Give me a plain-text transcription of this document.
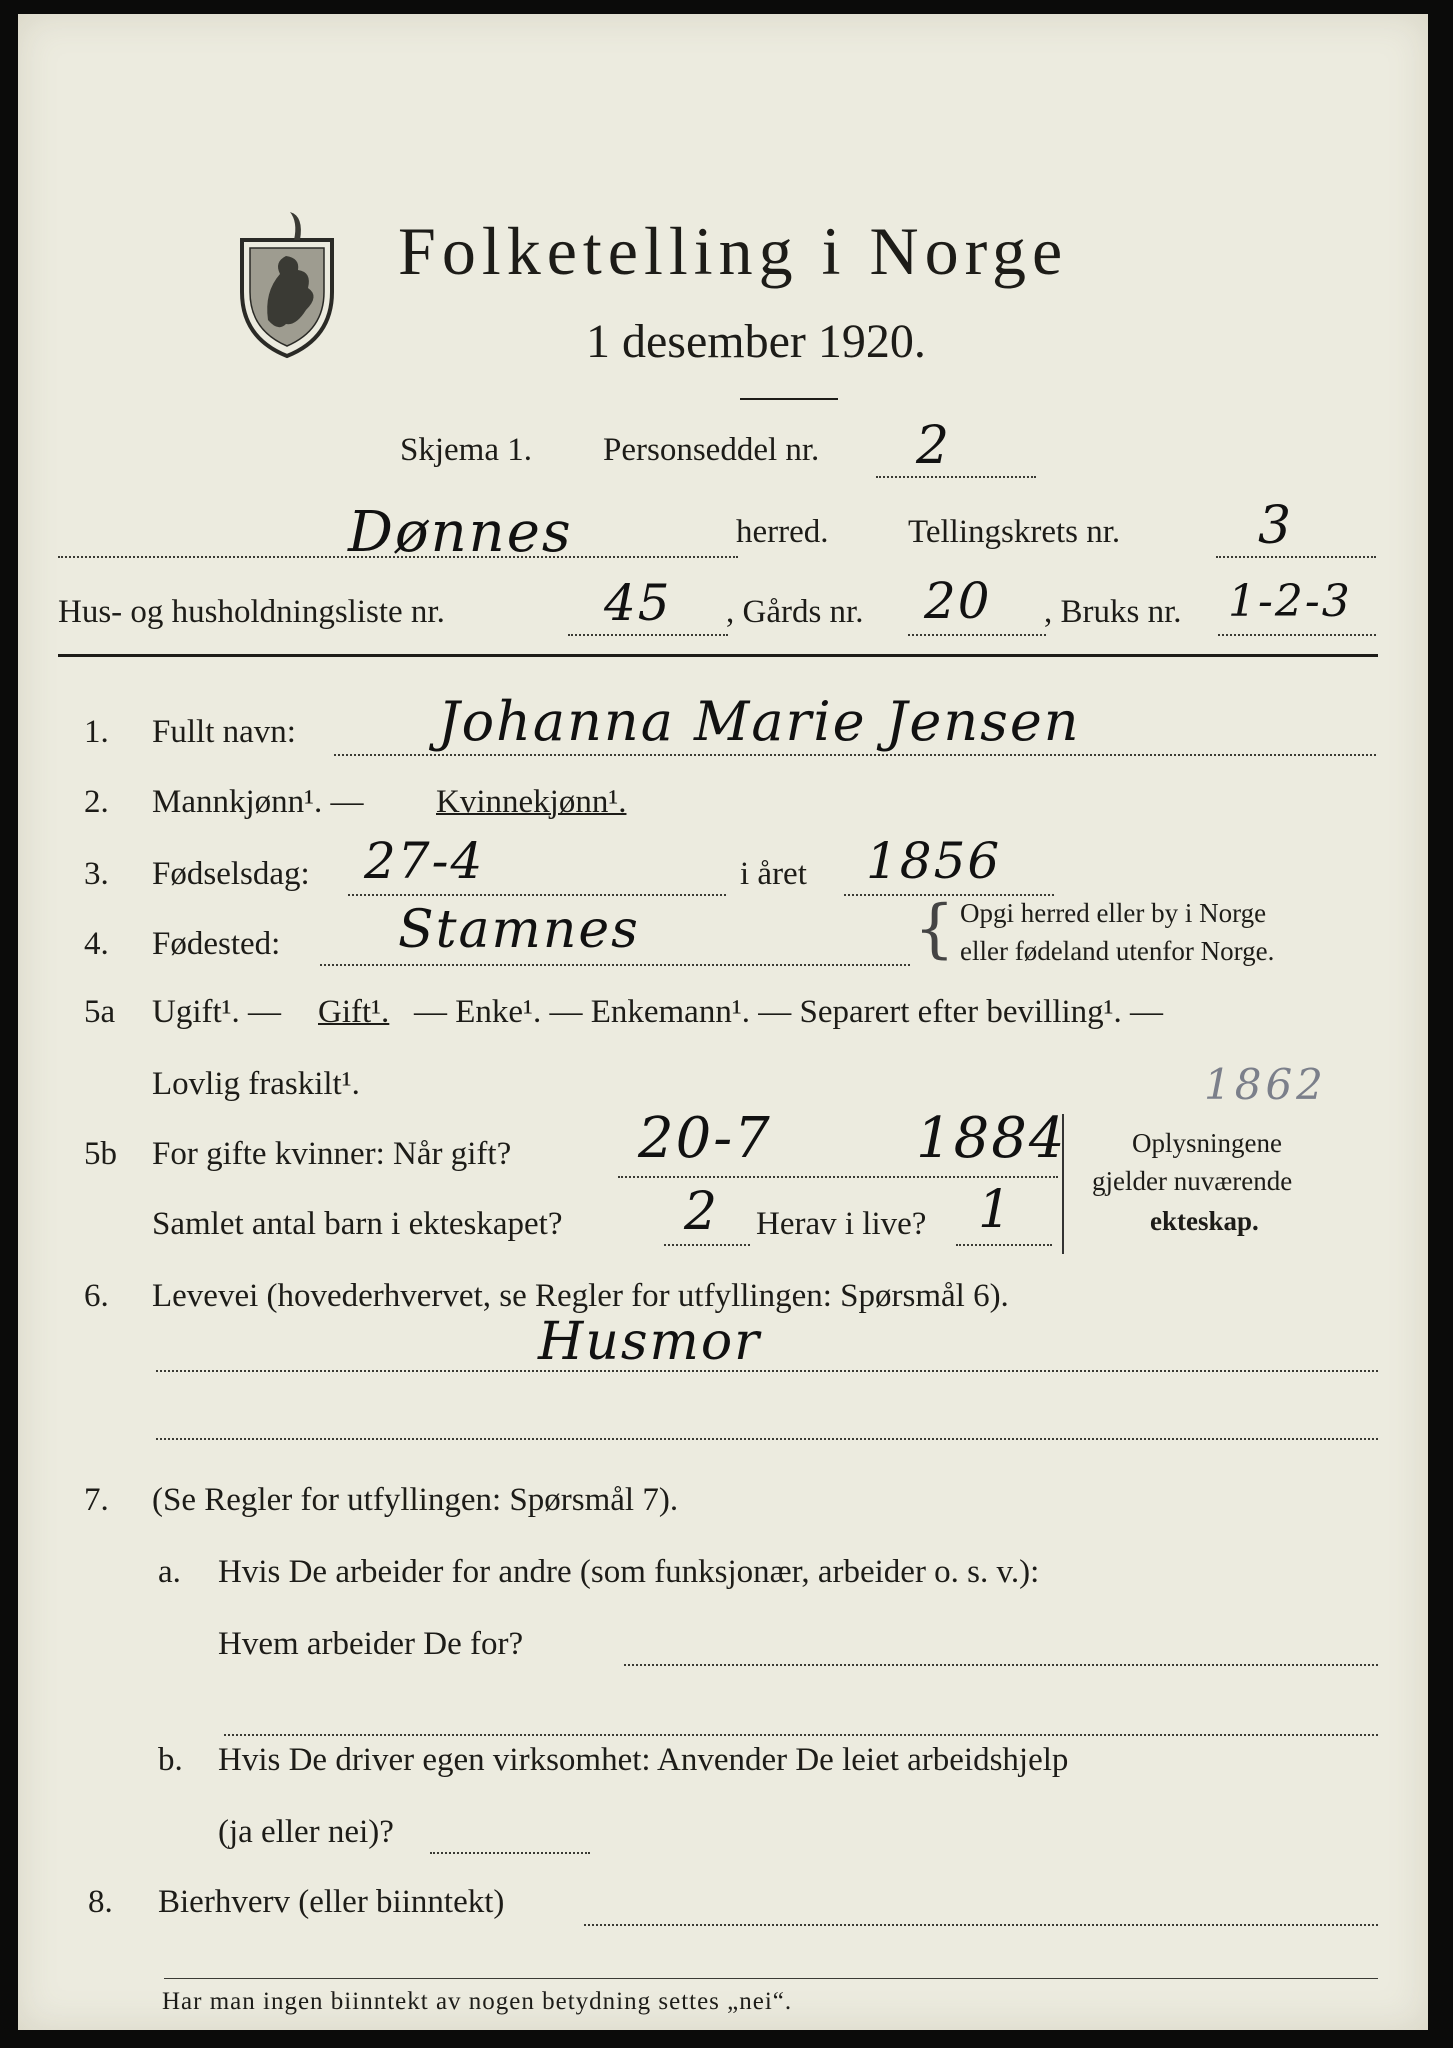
Folketelling i Norge
1 desember 1920.
Skjema 1. Personseddel nr. 2
Dønnes	herred. Tellingskrets nr.	3
Hus- og husholdningsliste nr.	45 , Gårds nr. 20 , Bruks nr. 1-2-3
1. Fullt navn:	Johanna Marie Jensen
2. Mannkjønn¹. — Kvinnekjønn¹.
3. Fødselsdag: 27-4	i året 1856
4. Fødested: Stamnes	{ Opgi herred eller by i Norge
eller fødeland utenfor Norge.
5a Ugift¹. — Gift¹. — Enke¹. — Enkemann¹. — Separert efter bevilling¹. —
Lovlig fraskilt¹.	1862
5b For gifte kvinner: Når gift? 20-7	1884
Samlet antal barn i ekteskapet? 2 Herav i live? 1
Oplysningene
gjelder nuværende
ekteskap.
6. Levevei (hovederhvervet, se Regler for utfyllingen: Spørsmål 6).
Husmor
7. (Se Regler for utfyllingen: Spørsmål 7).
a. Hvis De arbeider for andre (som funksjonær, arbeider o. s. v.):
Hvem arbeider De for?
b. Hvis De driver egen virksomhet: Anvender De leiet arbeidshjelp
(ja eller nei)?
8. Bierhverv (eller biinntekt)
Har man ingen biinntekt av nogen betydning settes „nei“.
